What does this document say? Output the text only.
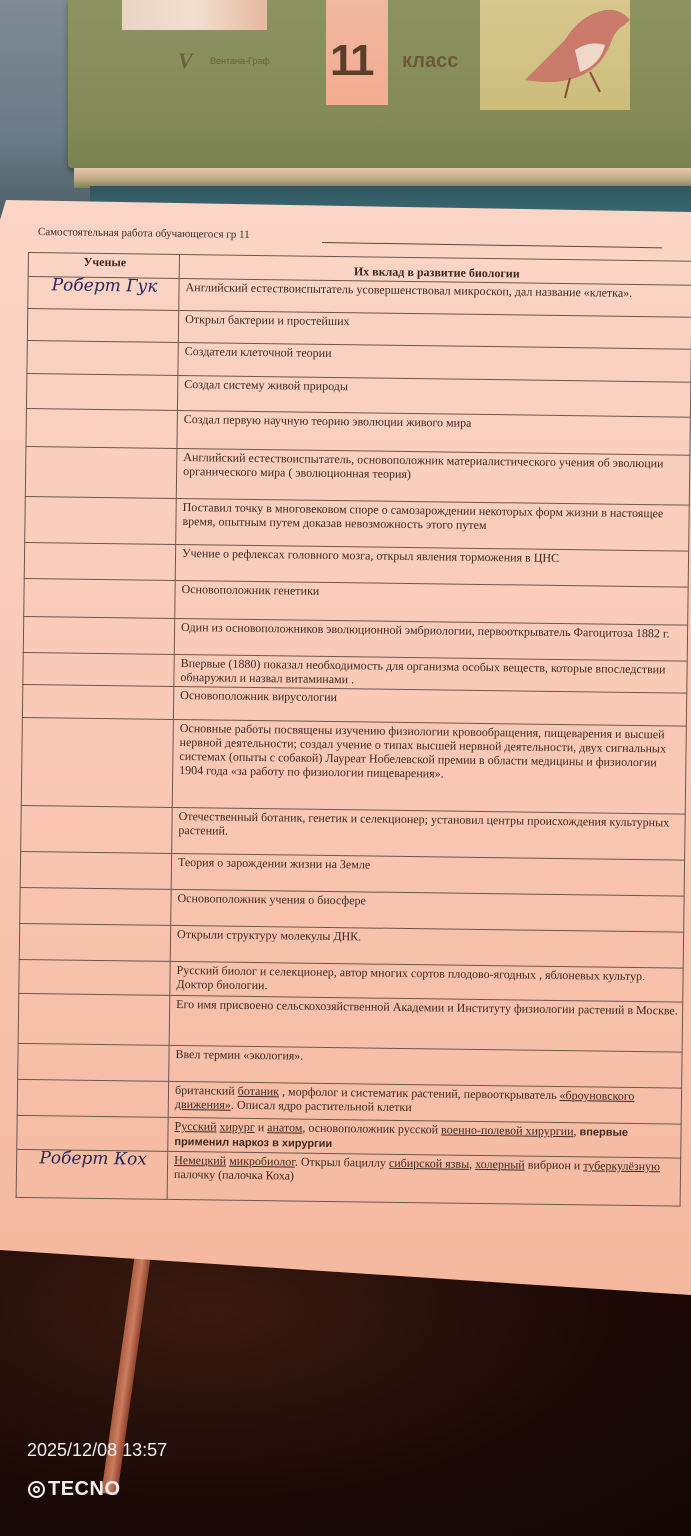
V	Вентана-Граф 11 класс
Самостоятельная работа обучающегося гр 11
Ученые	Их вклад в развитие биологии
Роберт Гук	Английский естествоиспытатель усовершенствовал микроскоп, дал название «клетка».
	Открыл бактерии и простейших
	Создатели клеточной теории
	Создал систему живой природы
	Создал первую научную теорию эволюции живого мира
	Английский естествоиспытатель, основоположник материалистического учения об эволюции органического мира ( эволюционная теория)
	Поставил точку в многовековом споре о самозарождении некоторых форм жизни в настоящее время, опытным путем доказав невозможность этого путем
	Учение о рефлексах головного мозга, открыл явления торможения в ЦНС
	Основоположник генетики
	Один из основоположников эволюционной эмбриологии, первооткрыватель Фагоцитоза 1882 г.
	Впервые (1880) показал необходимость для организма особых веществ, которые впоследствии обнаружил и назвал витаминами .
	Основоположник вирусологии
	Основные работы посвящены изучению физиологии кровообращения, пищеварения и высшей нервной деятельности; создал учение о типах высшей нервной деятельности, двух сигнальных системах (опыты с собакой) Лауреат Нобелевской премии в области медицины и физиологии 1904 года «за работу по физиологии пищеварения».
	Отечественный ботаник, генетик и селекционер; установил центры происхождения культурных растений.
	Теория о зарождении жизни на Земле
	Основоположник учения о биосфере
	Открыли структуру молекулы ДНК.
	Русский биолог и селекционер, автор многих сортов плодово-ягодных , яблоневых культур. Доктор биологии.
	Его имя присвоено сельскохозяйственной Академии и Институту физиологии растений в Москве.
	Ввел термин «экология».
	британский ботаник , морфолог и систематик растений, первооткрыватель «броуновского движения». Описал ядро растительной клетки
	Русский хирург и анатом, основоположник русской военно-полевой хирургии, впервые применил наркоз в хирургии
Роберт Кох	Немецкий микробиолог. Открыл бациллу сибирской язвы, холерный вибрион и туберкулёзную палочку (палочка Коха)
2025/12/08 13:57
TECNO
